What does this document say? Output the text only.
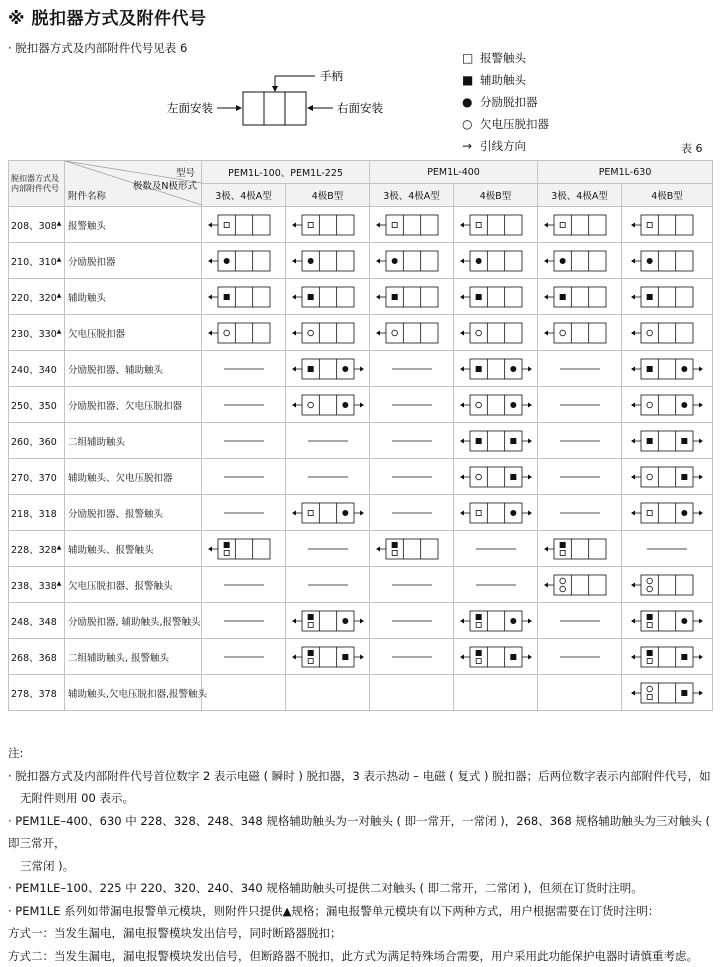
※ 脱扣器方式及附件代号
· 脱扣器方式及内部附件代号见表 6
□ 报警触头
■ 辅助触头
● 分励脱扣器
○ 欠电压脱扣器
→ 引线方向
手柄
左面安装	右面安装
表 6
脱扣器方式及内部附件代号	型号
极数及N极形式
附件名称	PEM1L-100、PEM1L-225		PEM1L-400		PEM1L-630	
		3极、4极A型	4极B型	3极、4极A型	4极B型	3极、4极A型	4极B型
208、308▲	报警触头	

210、310▲	分励脱扣器	

220、320▲	辅助触头	

230、330▲	欠电压脱扣器	

240、340	分励脱扣器、辅助触头	

250、350	分励脱扣器、欠电压脱扣器	

260、360	二组辅助触头	

270、370	辅助触头、欠电压脱扣器	

218、318	分励脱扣器、报警触头	

228、328▲	辅助触头、报警触头	

238、338▲	欠电压脱扣器、报警触头	

248、348	分励脱扣器, 辅助触头,报警触头	

268、368	二组辅助触头, 报警触头	

278、378	辅助触头,欠电压脱扣器,报警触头						
注:
· 脱扣器方式及内部附件代号首位数字 2 表示电磁 ( 瞬时 ) 脱扣器，3 表示热动 – 电磁 ( 复式 ) 脱扣器；后两位数字表示内部附件代号，如
无附件则用 00 表示。
· PEM1LE–400、630 中 228、328、248、348 规格辅助触头为一对触头 ( 即一常开，一常闭 )，268、368 规格辅助触头为三对触头 ( 即三常开，
三常闭 )。
· PEM1LE–100、225 中 220、320、240、340 规格辅助触头可提供二对触头 ( 即二常开，二常闭 )，但须在订货时注明。
· PEM1LE 系列如带漏电报警单元模块，则附件只提供▲规格；漏电报警单元模块有以下两种方式，用户根据需要在订货时注明：
方式一：当发生漏电，漏电报警模块发出信号，同时断路器脱扣；
方式二：当发生漏电，漏电报警模块发出信号，但断路器不脱扣，此方式为满足特殊场合需要，用户采用此功能保护电器时请慎重考虑。
